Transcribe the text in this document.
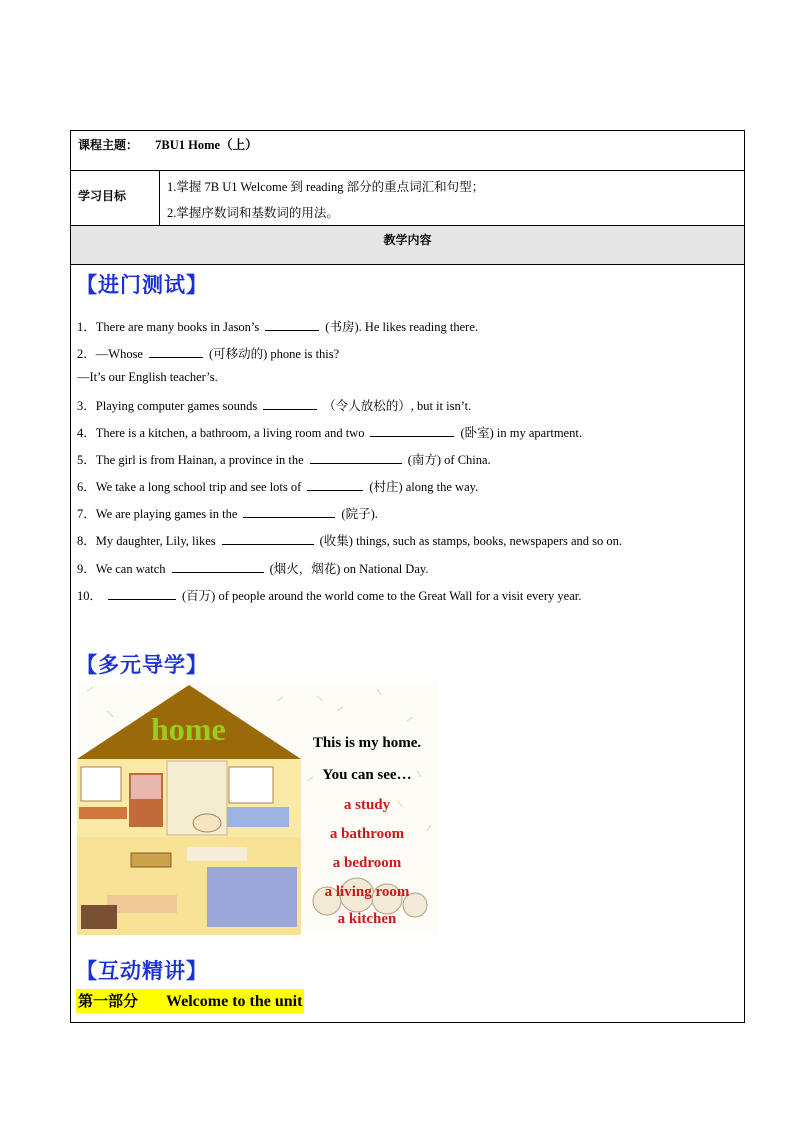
课程主题： 7BU1 Home（上）
学习目标
1.掌握 7B U1 Welcome 到 reading 部分的重点词汇和句型；
2.掌握序数词和基数词的用法。
教学内容
【进门测试】
1．There are many books in Jason’s	(书房). He likes reading there.
2．—Whose	(可移动的) phone is this?
—It’s our English teacher’s.
3．Playing computer games sounds	（令人放松的）, but it isn’t.
4．There is a kitchen, a bathroom, a living room and two	(卧室) in my apartment.
5．The girl is from Hainan, a province in the	(南方) of China.
6．We take a long school trip and see lots of	(村庄) along the way.
7．We are playing games in the	(院子).
8．My daughter, Lily, likes	(收集) things, such as stamps, books, newspapers and so on.
9．We can watch	(烟火，烟花) on National Day.
10．	(百万) of people around the world come to the Great Wall for a visit every year.
【多元导学】
home	This is my home.
You can see…
a study
a bathroom
a bedroom
a living room
a kitchen
【互动精讲】
第一部分 Welcome to the unit
